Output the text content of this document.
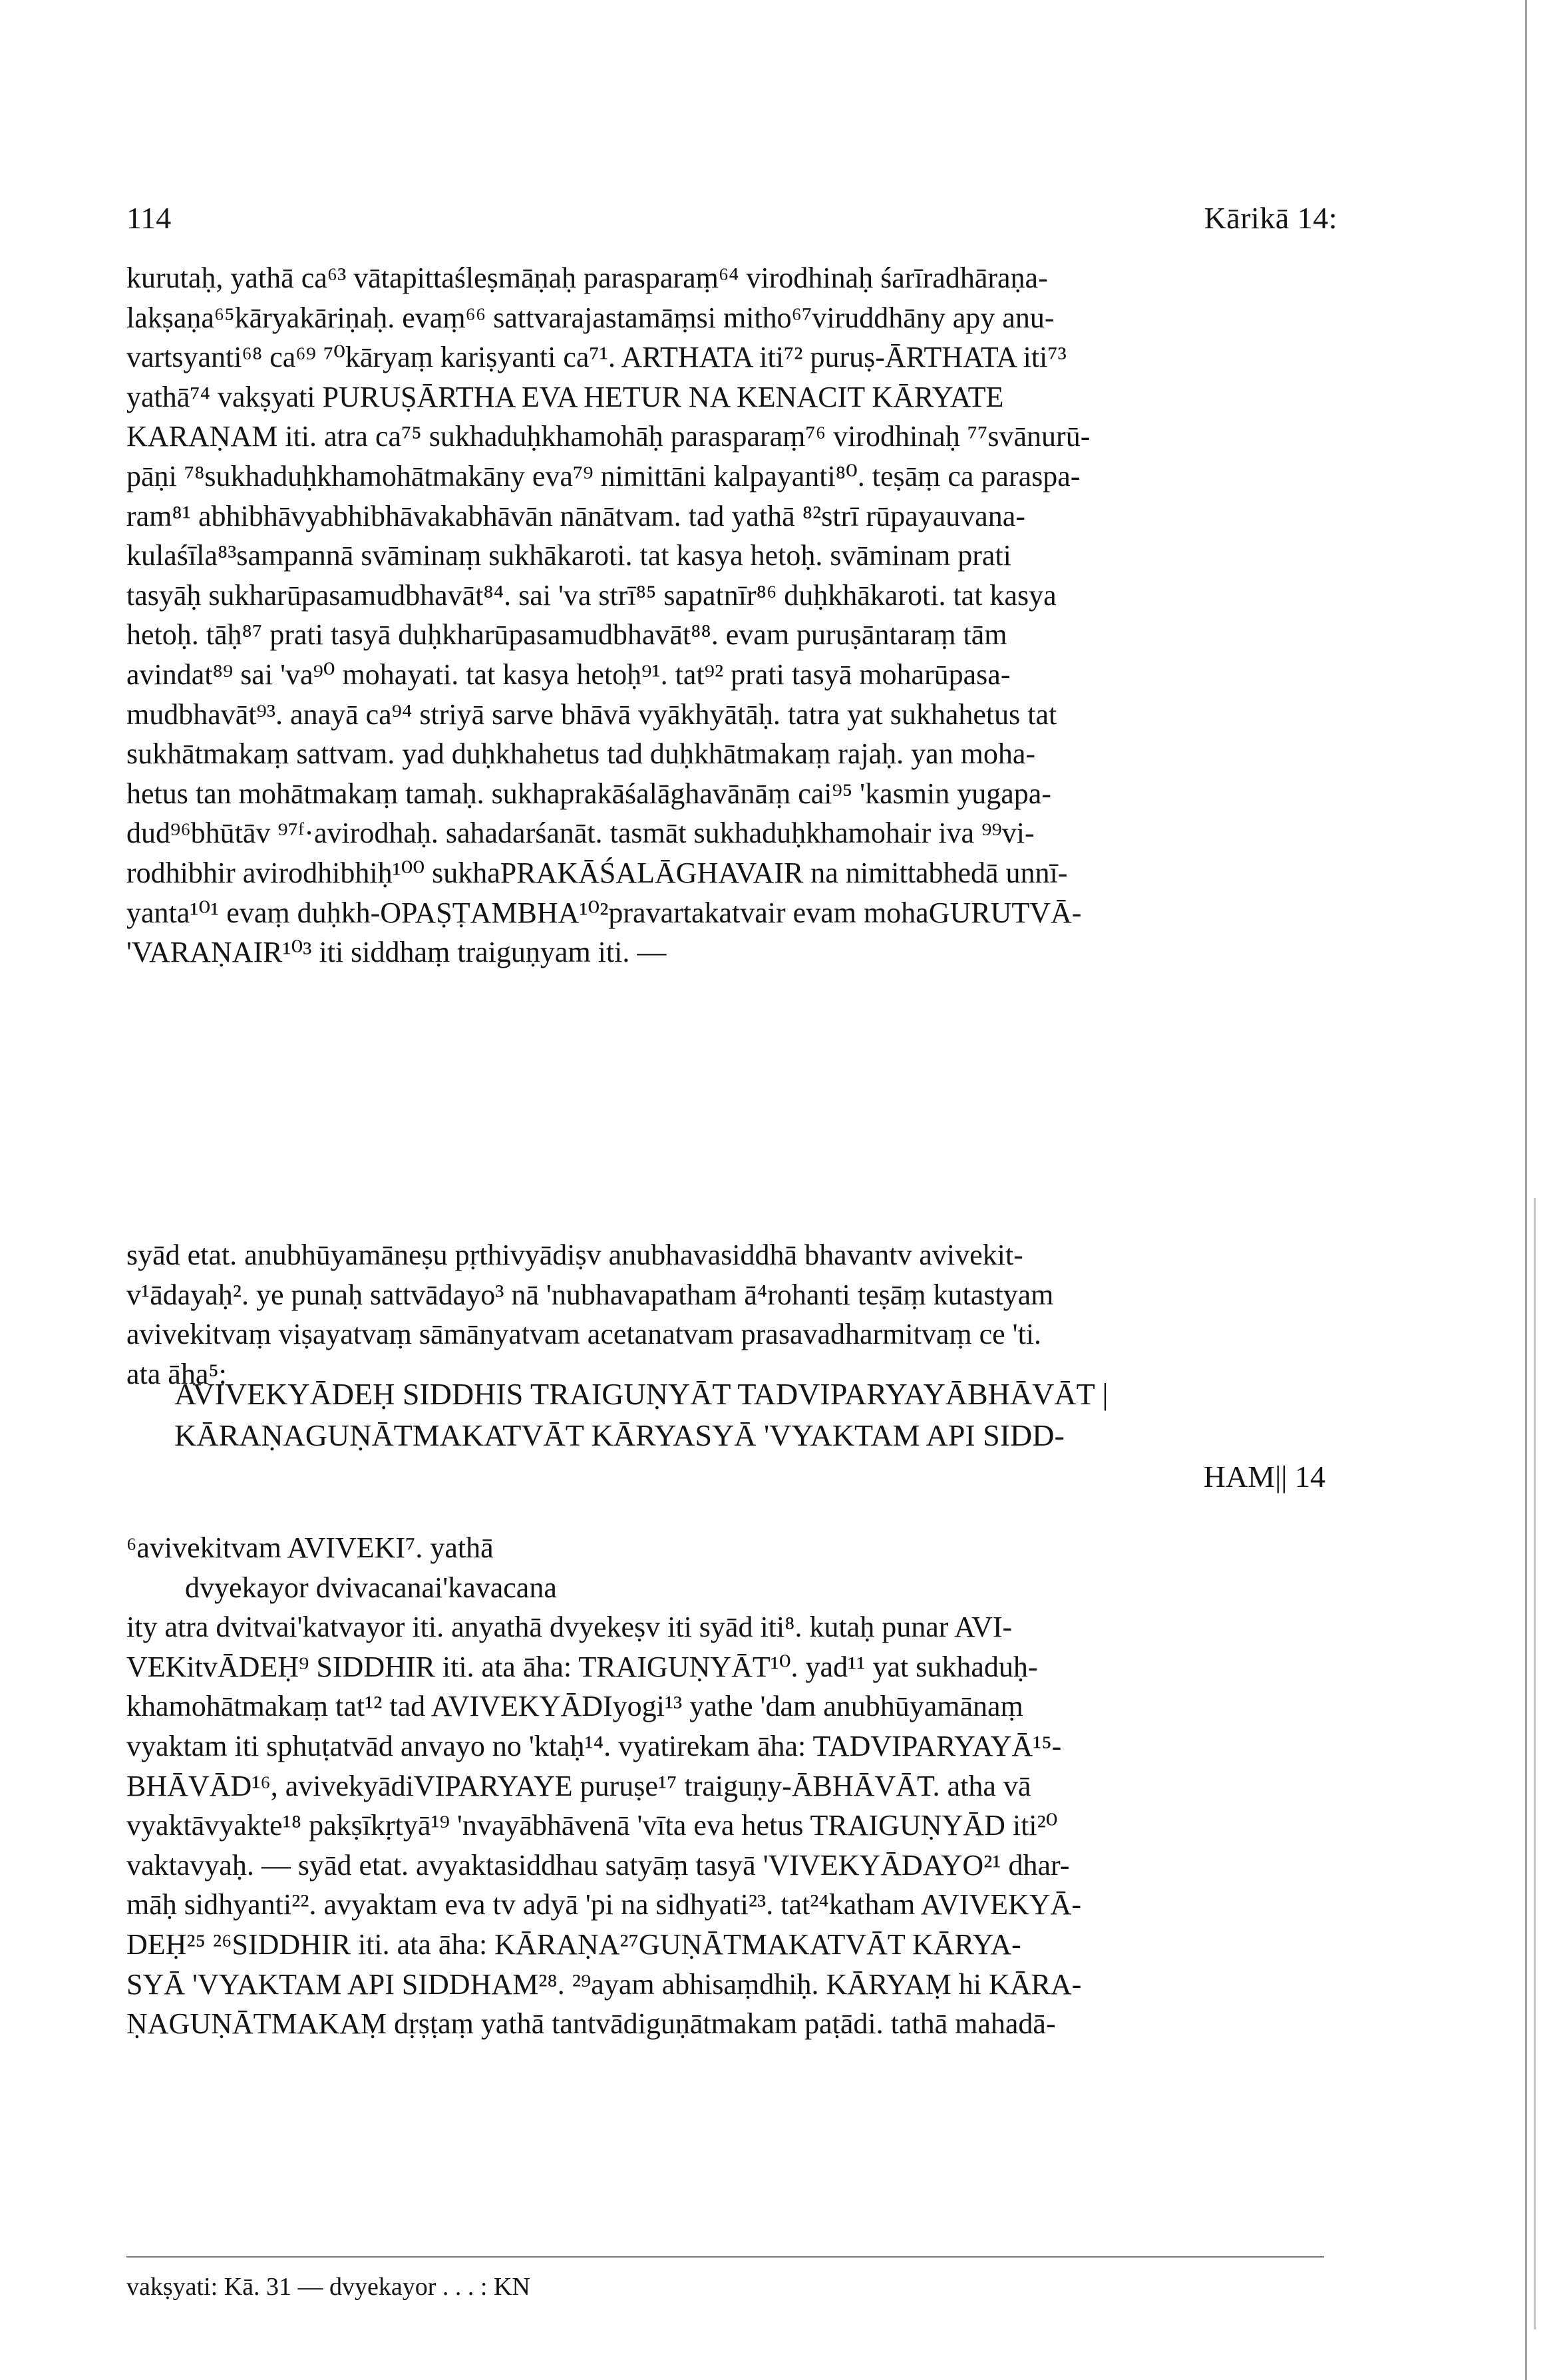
114	Kārikā 14:
kurutaḥ, yathā ca⁶³ vātapittaśleṣmāṇaḥ parasparaṃ⁶⁴ virodhinaḥ śarīradhāraṇa-
lakṣaṇa⁶⁵kāryakāriṇaḥ. evaṃ⁶⁶ sattvarajastamāṃsi mitho⁶⁷viruddhāny apy anu-
vartsyanti⁶⁸ ca⁶⁹ ⁷⁰kāryaṃ kariṣyanti ca⁷¹. ARTHATA iti⁷² puruṣ-ĀRTHATA iti⁷³
yathā⁷⁴ vakṣyati PURUṢĀRTHA EVA HETUR NA KENACIT KĀRYATE
KARAṆAM iti. atra ca⁷⁵ sukhaduḥkhamohāḥ parasparaṃ⁷⁶ virodhinaḥ ⁷⁷svānurū-
pāṇi ⁷⁸sukhaduḥkhamohātmakāny eva⁷⁹ nimittāni kalpayanti⁸⁰. teṣāṃ ca paraspa-
ram⁸¹ abhibhāvyabhibhāvakabhāvān nānātvam. tad yathā ⁸²strī rūpayauvana-
kulaśīla⁸³sampannā svāminaṃ sukhākaroti. tat kasya hetoḥ. svāminam prati
tasyāḥ sukharūpasamudbhavāt⁸⁴. sai 'va strī⁸⁵ sapatnīr⁸⁶ duḥkhākaroti. tat kasya
hetoḥ. tāḥ⁸⁷ prati tasyā duḥkharūpasamudbhavāt⁸⁸. evam puruṣāntaraṃ tām
avindat⁸⁹ sai 'va⁹⁰ mohayati. tat kasya hetoḥ⁹¹. tat⁹² prati tasyā moharūpasa-
mudbhavāt⁹³. anayā ca⁹⁴ striyā sarve bhāvā vyākhyātāḥ. tatra yat sukhahetus tat
sukhātmakaṃ sattvam. yad duḥkhahetus tad duḥkhātmakaṃ rajaḥ. yan moha-
hetus tan mohātmakaṃ tamaḥ. sukhaprakāśalāghavānāṃ cai⁹⁵ 'kasmin yugapa-
dud⁹⁶bhūtāv ⁹⁷ᶠ·avirodhaḥ. sahadarśanāt. tasmāt sukhaduḥkhamohair iva ⁹⁹vi-
rodhibhir avirodhibhiḥ¹⁰⁰ sukhaPRAKĀŚALĀGHAVAIR na nimittabhedā unnī-
yanta¹⁰¹ evaṃ duḥkh-OPAṢṬAMBHA¹⁰²pravartakatvair evam mohaGURUTVĀ-
'VARAṆAIR¹⁰³ iti siddhaṃ traiguṇyam iti. —
syād etat. anubhūyamāneṣu pṛthivyādiṣv anubhavasiddhā bhavantv avivekit-
v¹ādayaḥ². ye punaḥ sattvādayo³ nā 'nubhavapatham ā⁴rohanti teṣāṃ kutastyam
avivekitvaṃ viṣayatvaṃ sāmānyatvam acetanatvam prasavadharmitvaṃ ce 'ti.
ata āha⁵:
AVIVEKYĀDEḤ SIDDHIS TRAIGUṆYĀT TADVIPARYAYĀBHĀVĀT |
KĀRAṆAGUṆĀTMAKATVĀT KĀRYASYĀ 'VYAKTAM API SIDD-
HAM|| 14
⁶avivekitvam AVIVEKI⁷. yathā
dvyekayor dvivacanai'kavacana
ity atra dvitvai'katvayor iti. anyathā dvyekeṣv iti syād iti⁸. kutaḥ punar AVI-
VEKitvĀDEḤ⁹ SIDDHIR iti. ata āha: TRAIGUṆYĀT¹⁰. yad¹¹ yat sukhaduḥ-
khamohātmakaṃ tat¹² tad AVIVEKYĀDIyogi¹³ yathe 'dam anubhūyamānaṃ
vyaktam iti sphuṭatvād anvayo no 'ktaḥ¹⁴. vyatirekam āha: TADVIPARYAYĀ¹⁵-
BHĀVĀD¹⁶, avivekyādiVIPARYAYE puruṣe¹⁷ traiguṇy-ĀBHĀVĀT. atha vā
vyaktāvyakte¹⁸ pakṣīkṛtyā¹⁹ 'nvayābhāvenā 'vīta eva hetus TRAIGUṆYĀD iti²⁰
vaktavyaḥ. — syād etat. avyaktasiddhau satyāṃ tasyā 'VIVEKYĀDAYO²¹ dhar-
māḥ sidhyanti²². avyaktam eva tv adyā 'pi na sidhyati²³. tat²⁴katham AVIVEKYĀ-
DEḤ²⁵ ²⁶SIDDHIR iti. ata āha: KĀRAṆA²⁷GUṆĀTMAKATVĀT KĀRYA-
SYĀ 'VYAKTAM API SIDDHAM²⁸. ²⁹ayam abhisaṃdhiḥ. KĀRYAṂ hi KĀRA-
ṆAGUṆĀTMAKAṂ dṛṣṭaṃ yathā tantvādiguṇātmakam paṭādi. tathā mahadā-
vakṣyati: Kā. 31 — dvyekayor . . . : KN
